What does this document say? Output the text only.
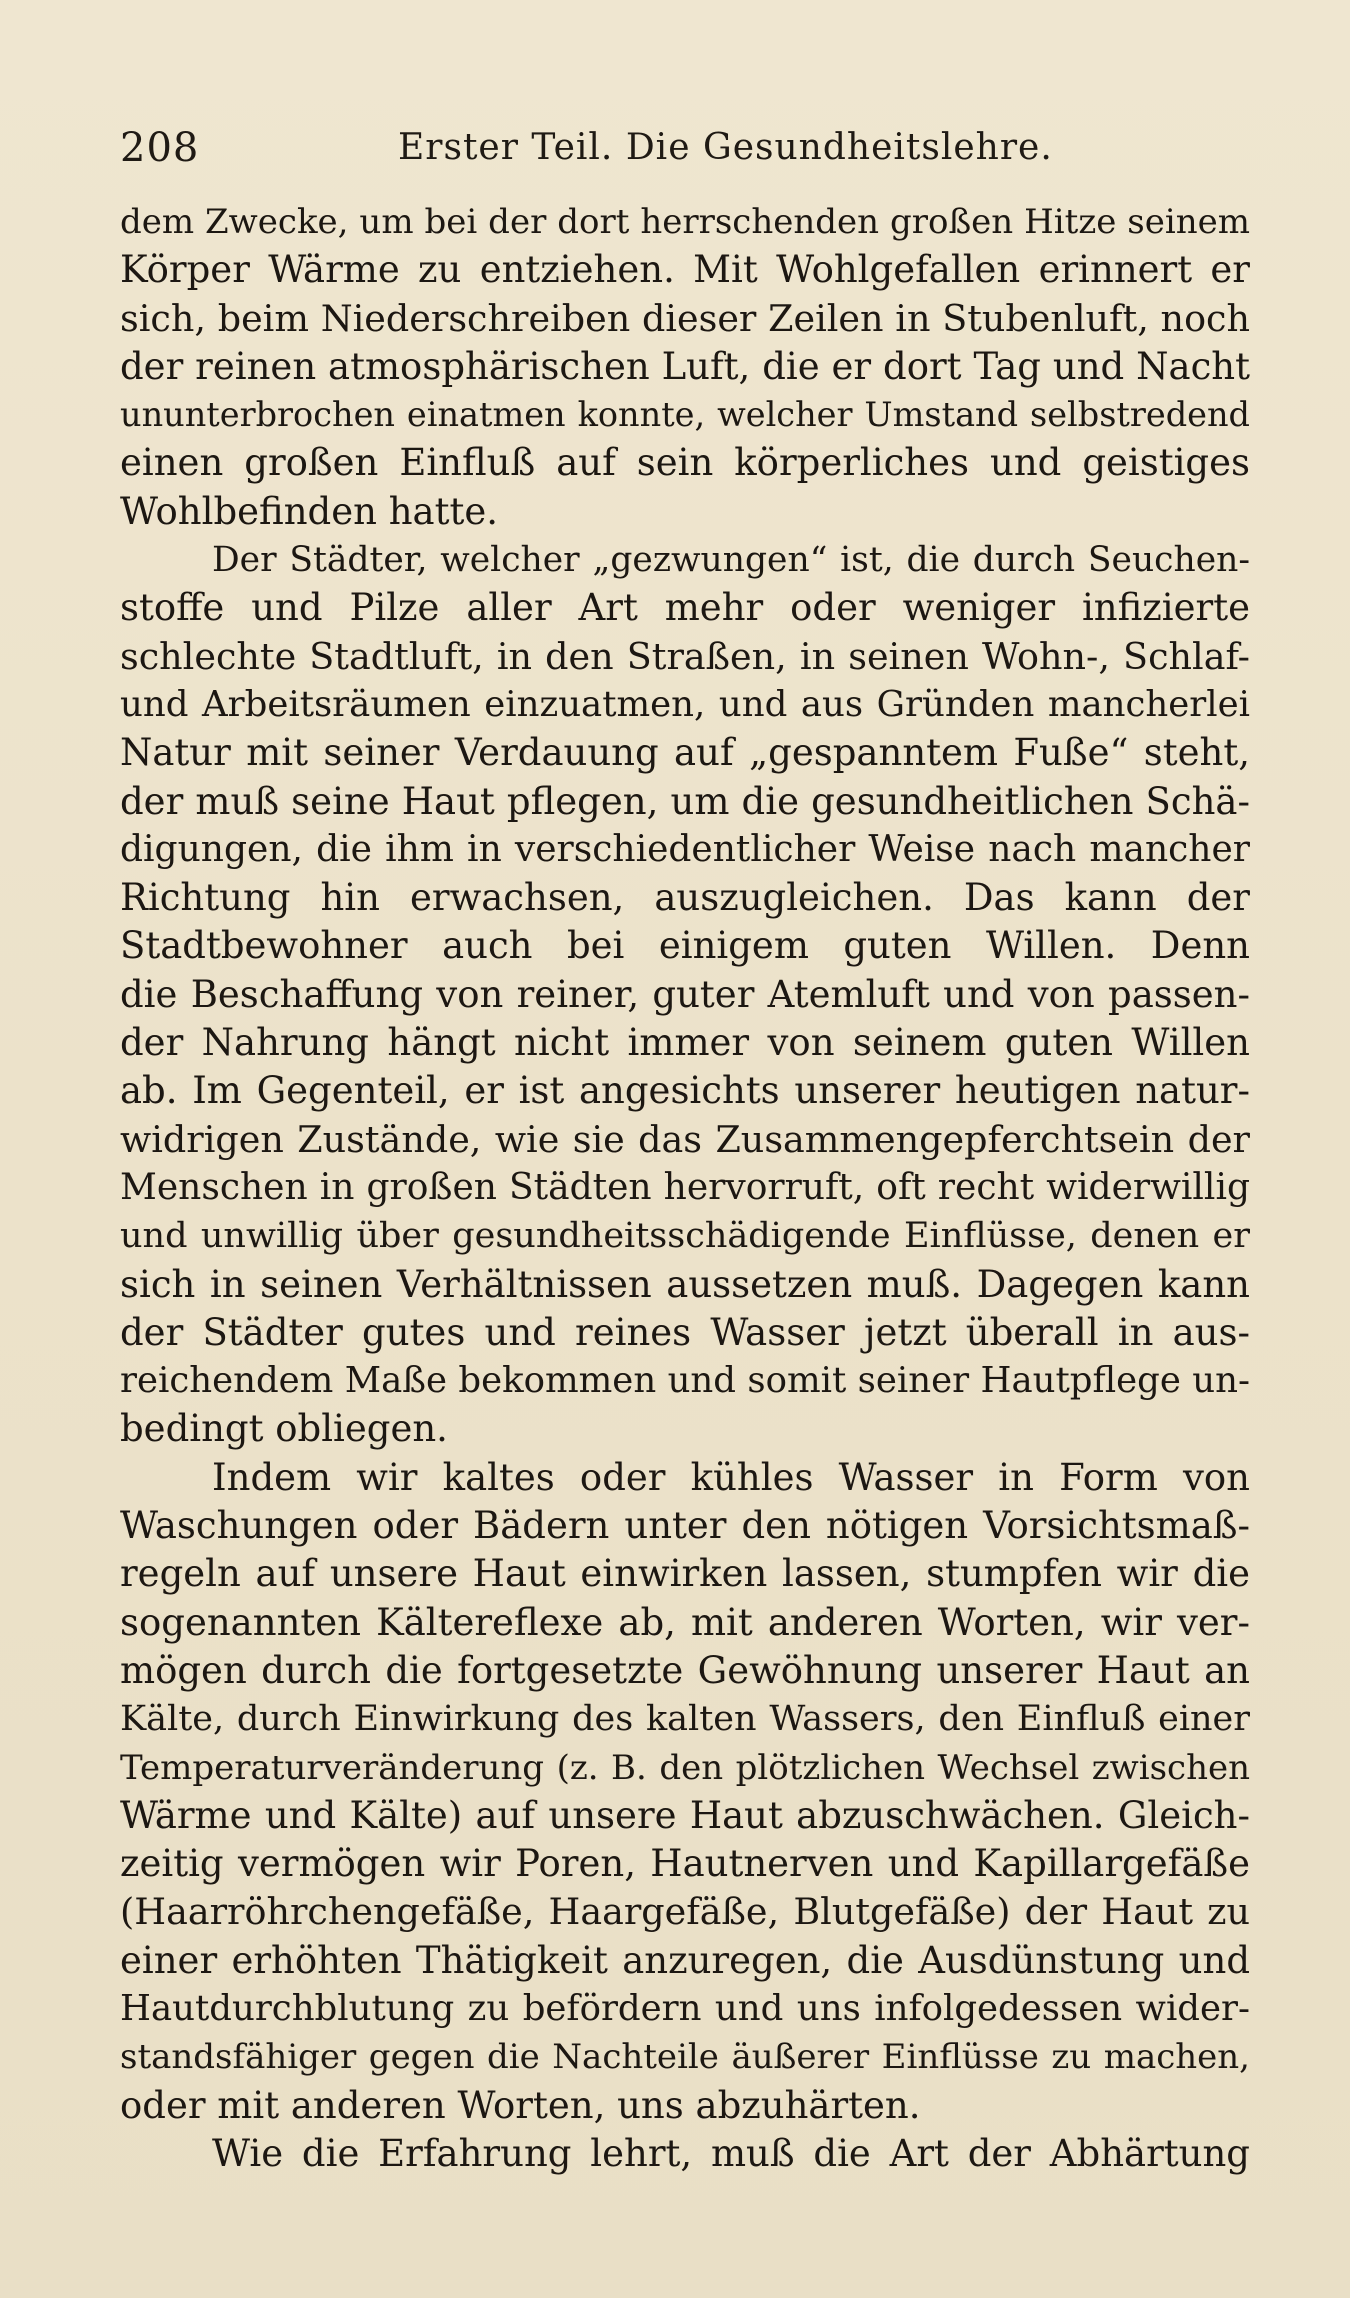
208	Erster Teil. Die Gesundheitslehre.
dem Zwecke, um bei der dort herrschenden großen Hitze seinem
Körper Wärme zu entziehen. Mit Wohlgefallen erinnert er
sich, beim Niederschreiben dieser Zeilen in Stubenluft, noch
der reinen atmosphärischen Luft, die er dort Tag und Nacht
ununterbrochen einatmen konnte, welcher Umstand selbstredend
einen großen Einfluß auf sein körperliches und geistiges
Wohlbefinden hatte.
Der Städter, welcher „gezwungen“ ist, die durch Seuchen-
stoffe und Pilze aller Art mehr oder weniger infizierte
schlechte Stadtluft, in den Straßen, in seinen Wohn-, Schlaf-
und Arbeitsräumen einzuatmen, und aus Gründen mancherlei
Natur mit seiner Verdauung auf „gespanntem Fuße“ steht,
der muß seine Haut pflegen, um die gesundheitlichen Schä-
digungen, die ihm in verschiedentlicher Weise nach mancher
Richtung hin erwachsen, auszugleichen. Das kann der
Stadtbewohner auch bei einigem guten Willen. Denn
die Beschaffung von reiner, guter Atemluft und von passen-
der Nahrung hängt nicht immer von seinem guten Willen
ab. Im Gegenteil, er ist angesichts unserer heutigen natur-
widrigen Zustände, wie sie das Zusammengepferchtsein der
Menschen in großen Städten hervorruft, oft recht widerwillig
und unwillig über gesundheitsschädigende Einflüsse, denen er
sich in seinen Verhältnissen aussetzen muß. Dagegen kann
der Städter gutes und reines Wasser jetzt überall in aus-
reichendem Maße bekommen und somit seiner Hautpflege un-
bedingt obliegen.
Indem wir kaltes oder kühles Wasser in Form von
Waschungen oder Bädern unter den nötigen Vorsichtsmaß-
regeln auf unsere Haut einwirken lassen, stumpfen wir die
sogenannten Kältereflexe ab, mit anderen Worten, wir ver-
mögen durch die fortgesetzte Gewöhnung unserer Haut an
Kälte, durch Einwirkung des kalten Wassers, den Einfluß einer
Temperaturveränderung (z. B. den plötzlichen Wechsel zwischen
Wärme und Kälte) auf unsere Haut abzuschwächen. Gleich-
zeitig vermögen wir Poren, Hautnerven und Kapillargefäße
(Haarröhrchengefäße, Haargefäße, Blutgefäße) der Haut zu
einer erhöhten Thätigkeit anzuregen, die Ausdünstung und
Hautdurchblutung zu befördern und uns infolgedessen wider-
standsfähiger gegen die Nachteile äußerer Einflüsse zu machen,
oder mit anderen Worten, uns abzuhärten.
Wie die Erfahrung lehrt, muß die Art der Abhärtung
